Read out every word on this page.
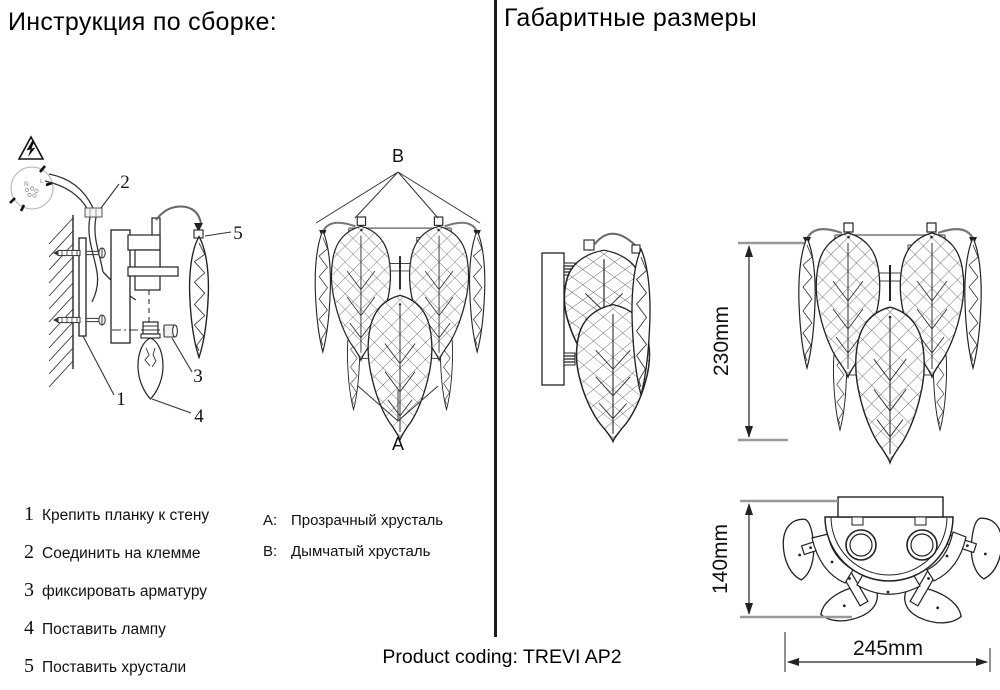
Инструкция по сборке:	Габаритные размеры
N L	2
5
1
3
4
B
A
230mm
140mm
245mm
1 Крепить планку к стену
2 Соединить на клемме
3 фиксировать арматуру
4 Поставить лампу
5 Поставить хрустали
A: Прозрачный хрусталь
B: Дымчатый хрусталь
Product coding: TREVI AP2
